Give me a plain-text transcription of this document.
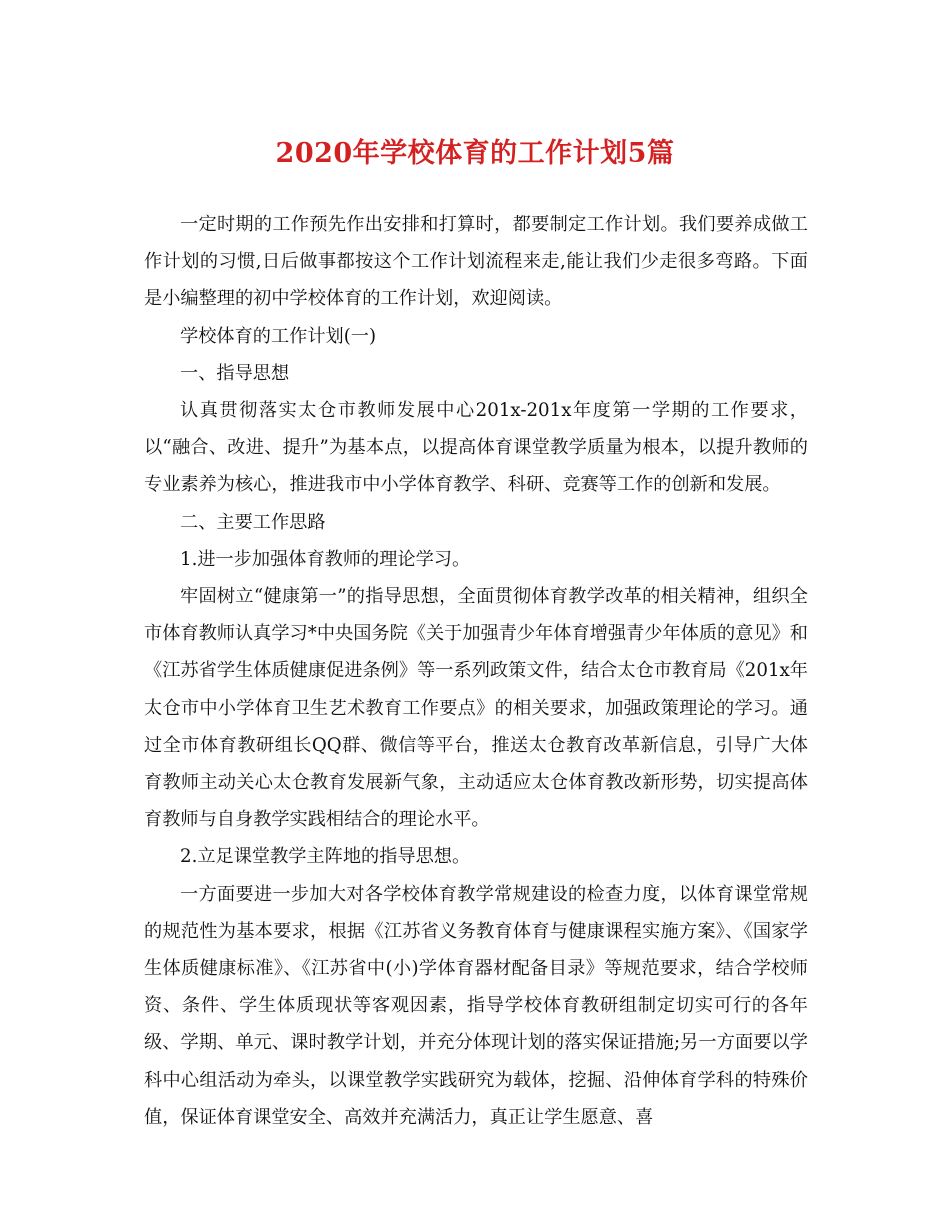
2020年学校体育的工作计划5篇

一定时期的工作预先作出安排和打算时，都要制定工作计划。我们要养成做工作计划的习惯,日后做事都按这个工作计划流程来走,能让我们少走很多弯路。下面是小编整理的初中学校体育的工作计划，欢迎阅读。

学校体育的工作计划(一)

一、指导思想

认真贯彻落实太仓市教师发展中心201x-201x年度第一学期的工作要求，以“融合、改进、提升”为基本点，以提高体育课堂教学质量为根本，以提升教师的专业素养为核心，推进我市中小学体育教学、科研、竞赛等工作的创新和发展。

二、主要工作思路

1.进一步加强体育教师的理论学习。

牢固树立“健康第一”的指导思想，全面贯彻体育教学改革的相关精神，组织全市体育教师认真学习*中央国务院《关于加强青少年体育增强青少年体质的意见》和《江苏省学生体质健康促进条例》等一系列政策文件，结合太仓市教育局《201x年太仓市中小学体育卫生艺术教育工作要点》的相关要求，加强政策理论的学习。通过全市体育教研组长QQ群、微信等平台，推送太仓教育改革新信息，引导广大体育教师主动关心太仓教育发展新气象，主动适应太仓体育教改新形势，切实提高体育教师与自身教学实践相结合的理论水平。

2.立足课堂教学主阵地的指导思想。

一方面要进一步加大对各学校体育教学常规建设的检查力度，以体育课堂常规的规范性为基本要求，根据《江苏省义务教育体育与健康课程实施方案》、《国家学生体质健康标准》、《江苏省中(小)学体育器材配备目录》等规范要求，结合学校师资、条件、学生体质现状等客观因素，指导学校体育教研组制定切实可行的各年级、学期、单元、课时教学计划，并充分体现计划的落实保证措施;另一方面要以学科中心组活动为牵头，以课堂教学实践研究为载体，挖掘、沿伸体育学科的特殊价值，保证体育课堂安全、高效并充满活力，真正让学生愿意、喜
